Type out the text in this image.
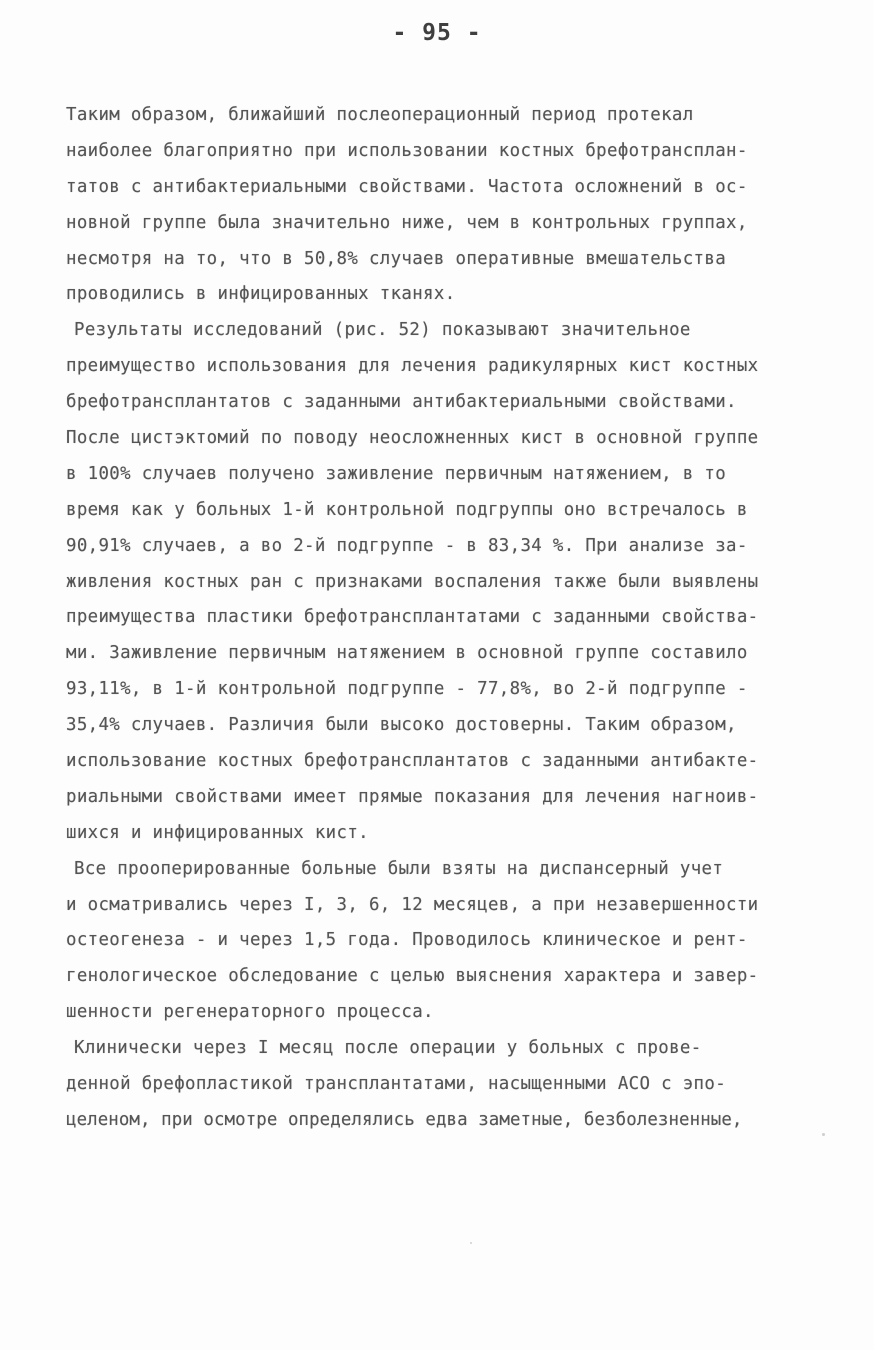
- 95 -
Таким образом, ближайший послеоперационный период протекал
наиболее благоприятно при использовании костных брефотрансплан-
татов с антибактериальными свойствами. Частота осложнений в ос-
новной группе была значительно ниже, чем в контрольных группах,
несмотря на то, что в 50,8% случаев оперативные вмешательства
проводились в инфицированных тканях.
Результаты исследований (рис. 52) показывают значительное
преимущество использования для лечения радикулярных кист костных
брефотрансплантатов с заданными антибактериальными свойствами.
После цистэктомий по поводу неосложненных кист в основной группе
в 100% случаев получено заживление первичным натяжением, в то
время как у больных 1-й контрольной подгруппы оно встречалось в
90,91% случаев, а во 2-й подгруппе - в 83,34 %. При анализе за-
живления костных ран с признаками воспаления также были выявлены
преимущества пластики брефотрансплантатами с заданными свойства-
ми. Заживление первичным натяжением в основной группе составило
93,11%, в 1-й контрольной подгруппе - 77,8%, во 2-й подгруппе -
35,4% случаев. Различия были высоко достоверны. Таким образом,
использование костных брефотрансплантатов с заданными антибакте-
риальными свойствами имеет прямые показания для лечения нагноив-
шихся и инфицированных кист.
Все прооперированные больные были взяты на диспансерный учет
и осматривались через I, 3, 6, 12 месяцев, а при незавершенности
остеогенеза - и через 1,5 года. Проводилось клиническое и рент-
генологическое обследование с целью выяснения характера и завер-
шенности регенераторного процесса.
Клинически через I месяц после операции у больных с прове-
денной брефопластикой трансплантатами, насыщенными АСО с эпо-
целеном, при осмотре определялись едва заметные, безболезненные,
